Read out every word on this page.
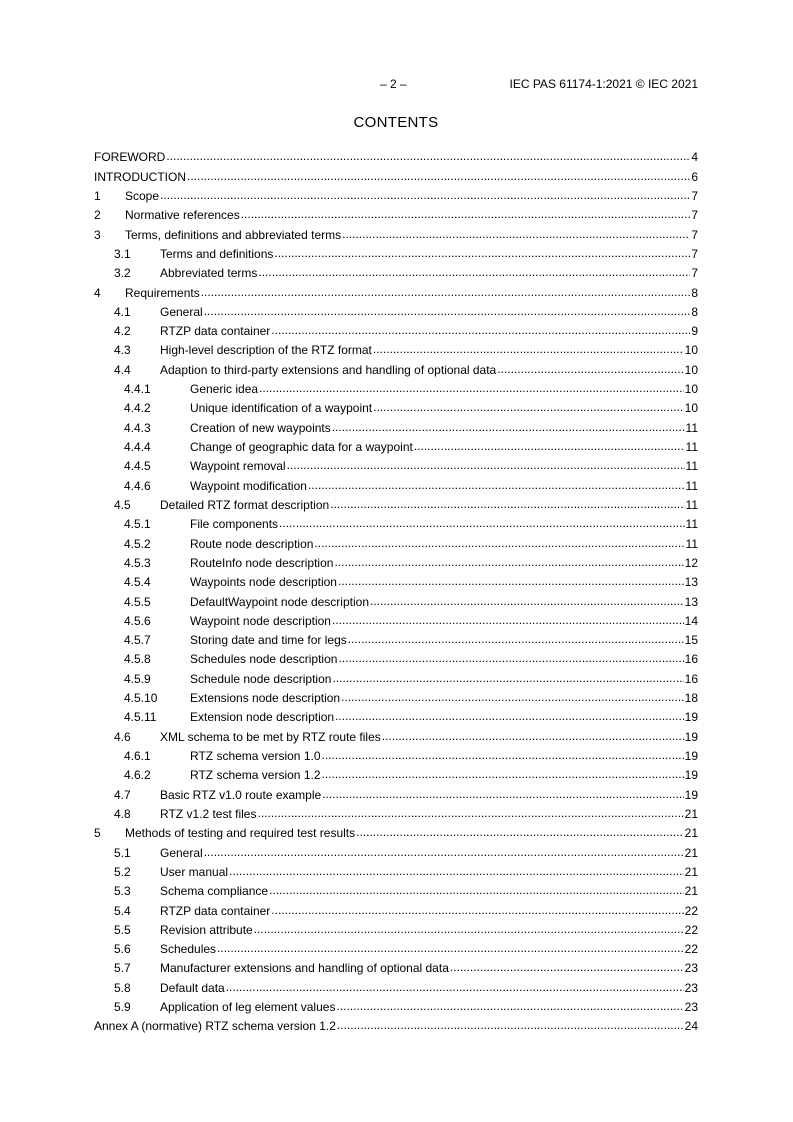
– 2 –	IEC PAS 61174-1:2021 © IEC 2021
CONTENTS
FOREWORD .....	4
INTRODUCTION .....	6
1	Scope .....	7
2	Normative references .....	7
3	Terms, definitions and abbreviated terms .....	7
3.1	Terms and definitions .....	7
3.2	Abbreviated terms .....	7
4	Requirements .....	8
4.1	General .....	8
4.2	RTZP data container .....	9
4.3	High-level description of the RTZ format .....	10
4.4	Adaption to third-party extensions and handling of optional data .....	10
4.4.1	Generic idea .....	10
4.4.2	Unique identification of a waypoint .....	10
4.4.3	Creation of new waypoints .....	11
4.4.4	Change of geographic data for a waypoint .....	11
4.4.5	Waypoint removal .....	11
4.4.6	Waypoint modification .....	11
4.5	Detailed RTZ format description .....	11
4.5.1	File components .....	11
4.5.2	Route node description .....	11
4.5.3	RouteInfo node description .....	12
4.5.4	Waypoints node description .....	13
4.5.5	DefaultWaypoint node description .....	13
4.5.6	Waypoint node description .....	14
4.5.7	Storing date and time for legs .....	15
4.5.8	Schedules node description .....	16
4.5.9	Schedule node description .....	16
4.5.10	Extensions node description .....	18
4.5.11	Extension node description .....	19
4.6	XML schema to be met by RTZ route files .....	19
4.6.1	RTZ schema version 1.0 .....	19
4.6.2	RTZ schema version 1.2 .....	19
4.7	Basic RTZ v1.0 route example .....	19
4.8	RTZ v1.2 test files .....	21
5	Methods of testing and required test results .....	21
5.1	General .....	21
5.2	User manual .....	21
5.3	Schema compliance .....	21
5.4	RTZP data container .....	22
5.5	Revision attribute .....	22
5.6	Schedules .....	22
5.7	Manufacturer extensions and handling of optional data .....	23
5.8	Default data .....	23
5.9	Application of leg element values .....	23
Annex A (normative) RTZ schema version 1.2 .....	24
